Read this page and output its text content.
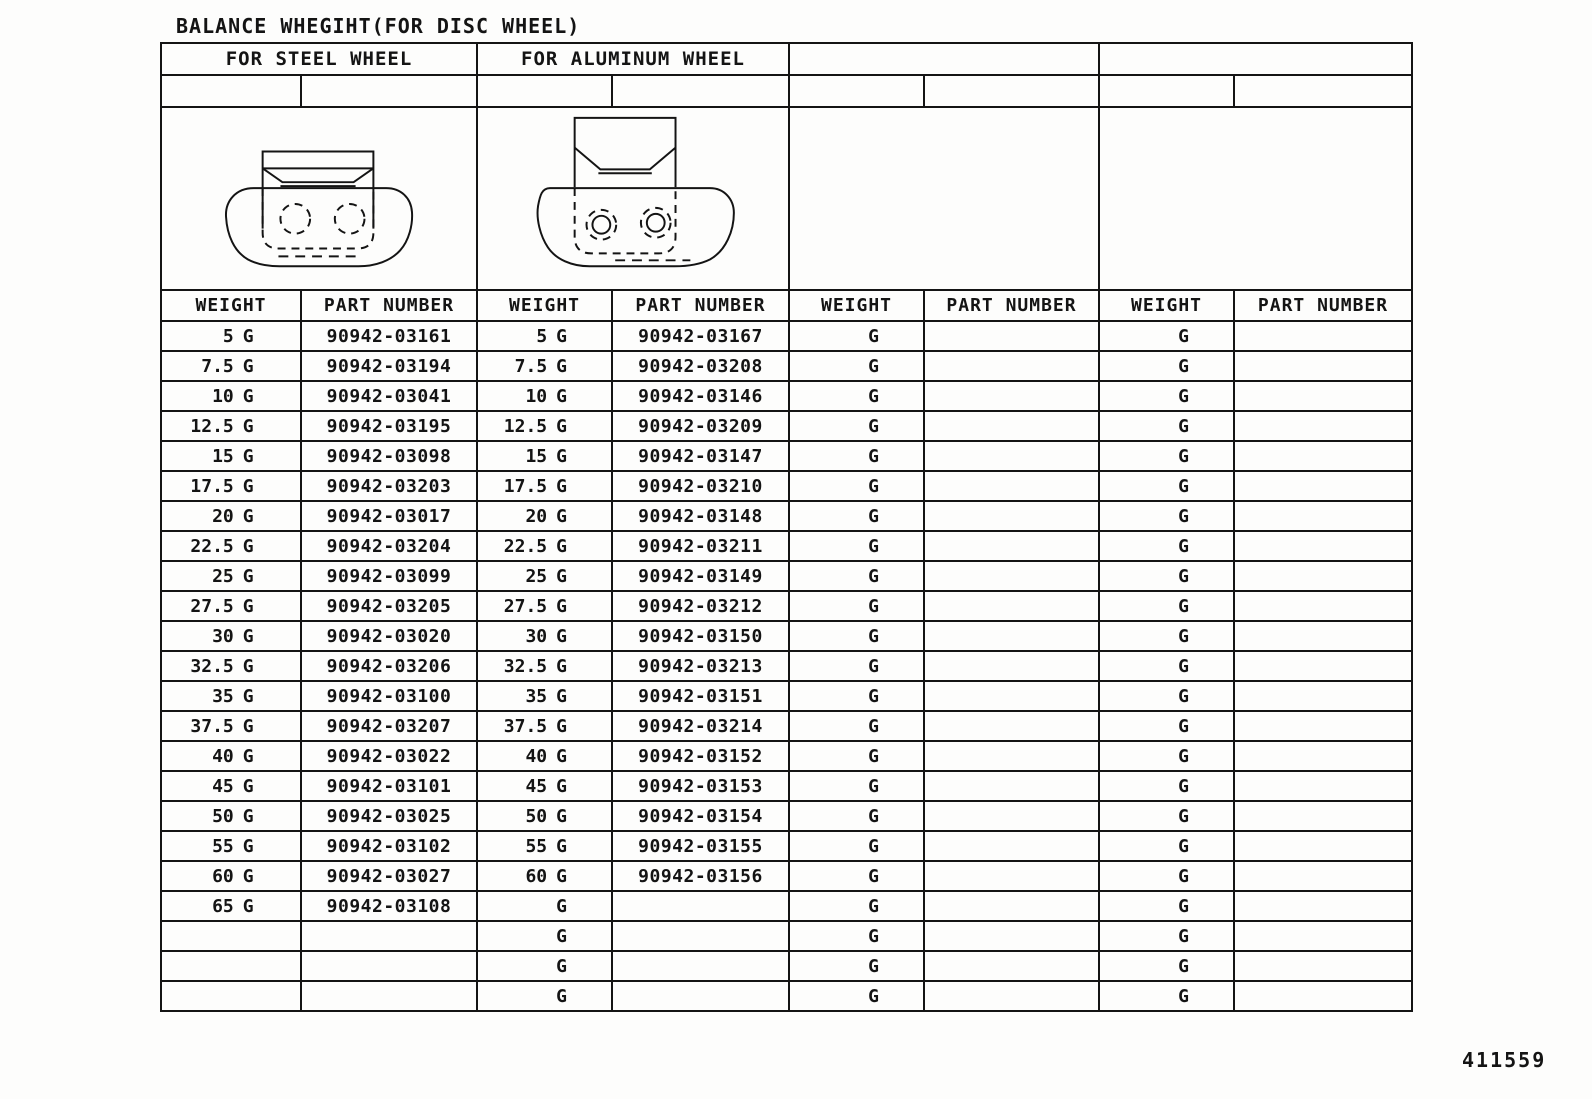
BALANCE WHEGIHT(FOR DISC WHEEL)
FOR STEEL WHEEL		FOR ALUMINUM WHEEL					

WEIGHT	PART NUMBER	WEIGHT	PART NUMBER	WEIGHT	PART NUMBER	WEIGHT	PART NUMBER
5 G	90942-03161	5 G	90942-03167	G		G	
7.5 G	90942-03194	7.5 G	90942-03208	G		G	
10 G	90942-03041	10 G	90942-03146	G		G	
12.5 G	90942-03195	12.5 G	90942-03209	G		G	
15 G	90942-03098	15 G	90942-03147	G		G	
17.5 G	90942-03203	17.5 G	90942-03210	G		G	
20 G	90942-03017	20 G	90942-03148	G		G	
22.5 G	90942-03204	22.5 G	90942-03211	G		G	
25 G	90942-03099	25 G	90942-03149	G		G	
27.5 G	90942-03205	27.5 G	90942-03212	G		G	
30 G	90942-03020	30 G	90942-03150	G		G	
32.5 G	90942-03206	32.5 G	90942-03213	G		G	
35 G	90942-03100	35 G	90942-03151	G		G	
37.5 G	90942-03207	37.5 G	90942-03214	G		G	
40 G	90942-03022	40 G	90942-03152	G		G	
45 G	90942-03101	45 G	90942-03153	G		G	
50 G	90942-03025	50 G	90942-03154	G		G	
55 G	90942-03102	55 G	90942-03155	G		G	
60 G	90942-03027	60 G	90942-03156	G		G	
65 G	90942-03108	G		G		G	
		G		G		G	
		G		G		G	
		G		G		G	
411559
